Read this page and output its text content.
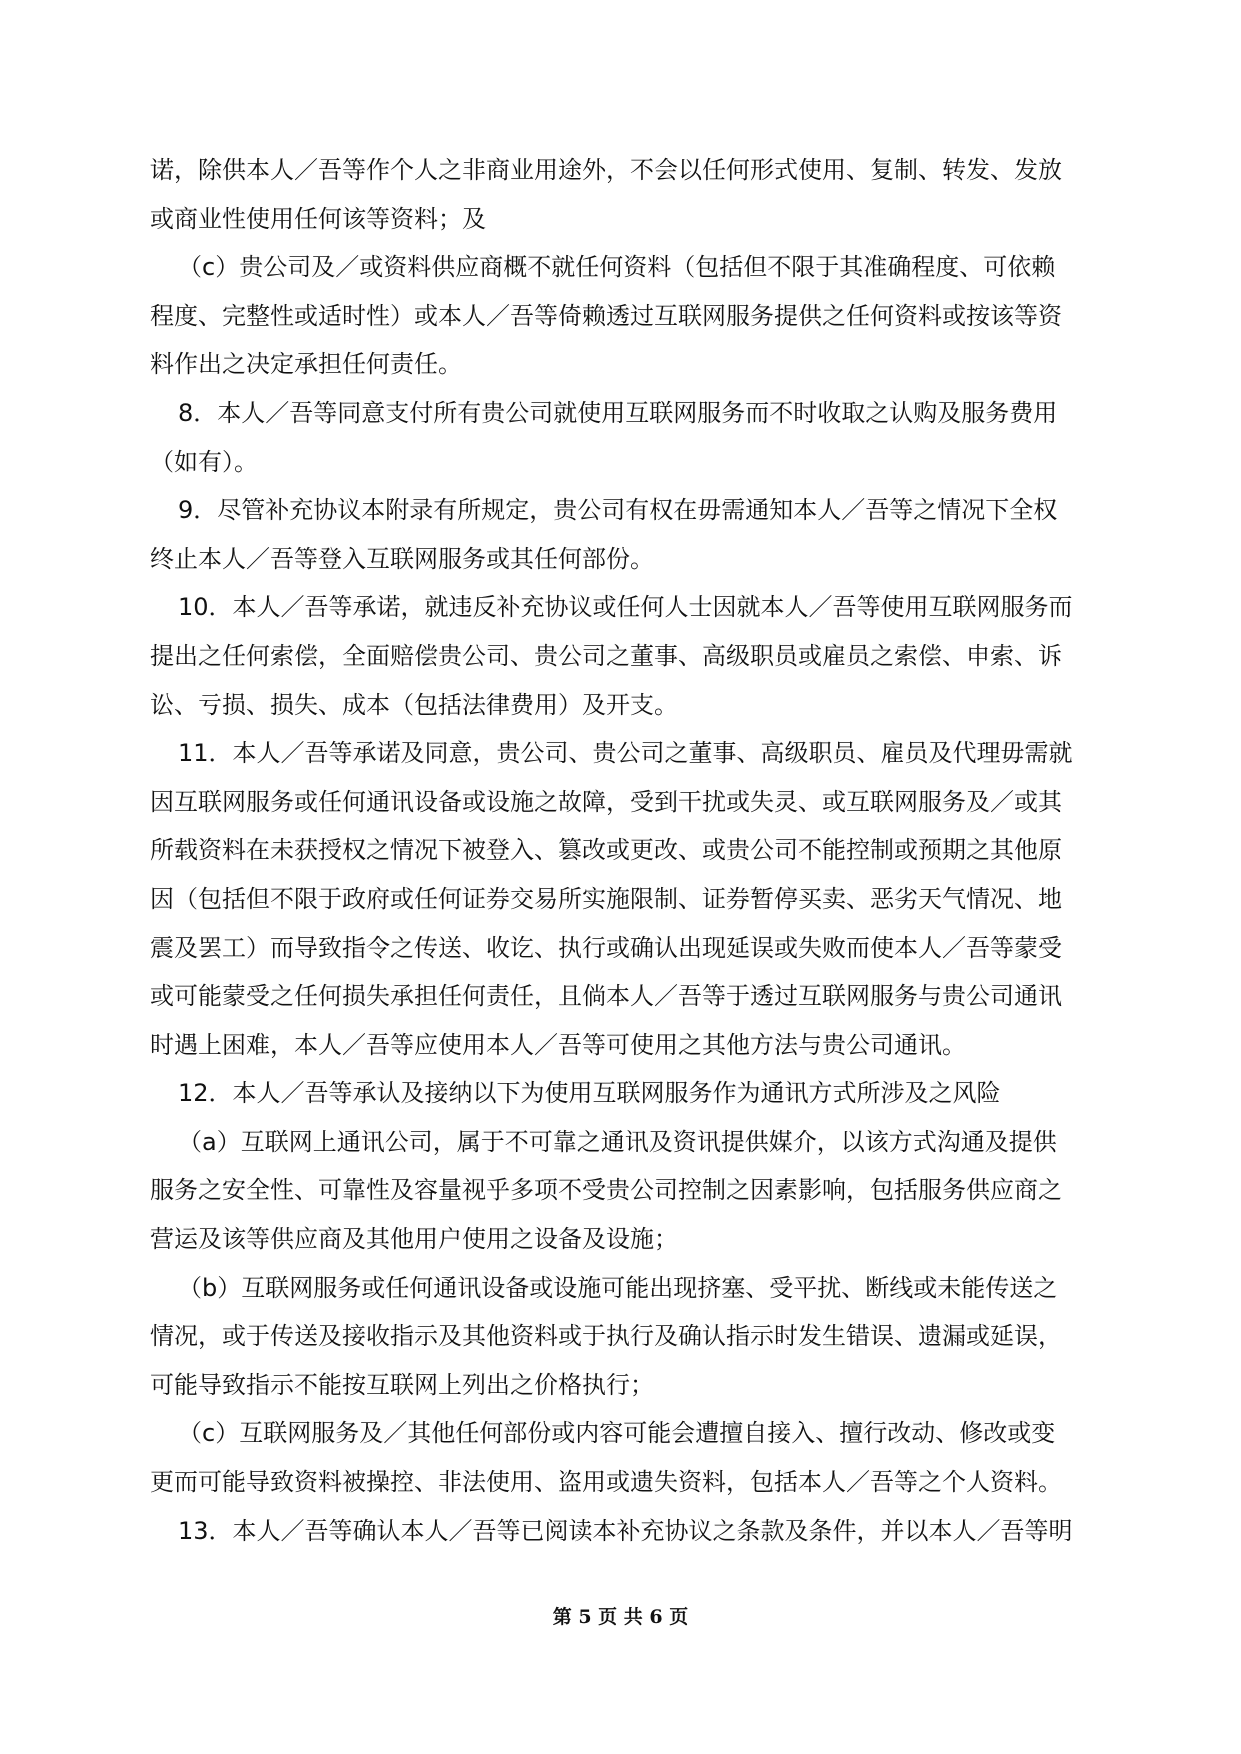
诺，除供本人／吾等作个人之非商业用途外，不会以任何形式使用、复制、转发、发放
或商业性使用任何该等资料；及
（c）贵公司及／或资料供应商概不就任何资料（包括但不限于其准确程度、可依赖
程度、完整性或适时性）或本人／吾等倚赖透过互联网服务提供之任何资料或按该等资
料作出之决定承担任何责任。
8．本人／吾等同意支付所有贵公司就使用互联网服务而不时收取之认购及服务费用
（如有）。
9．尽管补充协议本附录有所规定，贵公司有权在毋需通知本人／吾等之情况下全权
终止本人／吾等登入互联网服务或其任何部份。
10．本人／吾等承诺，就违反补充协议或任何人士因就本人／吾等使用互联网服务而
提出之任何索偿，全面赔偿贵公司、贵公司之董事、高级职员或雇员之索偿、申索、诉
讼、亏损、损失、成本（包括法律费用）及开支。
11．本人／吾等承诺及同意，贵公司、贵公司之董事、高级职员、雇员及代理毋需就
因互联网服务或任何通讯设备或设施之故障，受到干扰或失灵、或互联网服务及／或其
所载资料在未获授权之情况下被登入、篡改或更改、或贵公司不能控制或预期之其他原
因（包括但不限于政府或任何证券交易所实施限制、证券暂停买卖、恶劣天气情况、地
震及罢工）而导致指令之传送、收讫、执行或确认出现延误或失败而使本人／吾等蒙受
或可能蒙受之任何损失承担任何责任，且倘本人／吾等于透过互联网服务与贵公司通讯
时遇上困难，本人／吾等应使用本人／吾等可使用之其他方法与贵公司通讯。
12．本人／吾等承认及接纳以下为使用互联网服务作为通讯方式所涉及之风险
（a）互联网上通讯公司，属于不可靠之通讯及资讯提供媒介，以该方式沟通及提供
服务之安全性、可靠性及容量视乎多项不受贵公司控制之因素影响，包括服务供应商之
营运及该等供应商及其他用户使用之设备及设施；
（b）互联网服务或任何通讯设备或设施可能出现挤塞、受平扰、断线或未能传送之
情况，或于传送及接收指示及其他资料或于执行及确认指示时发生错误、遗漏或延误，
可能导致指示不能按互联网上列出之价格执行；
（c）互联网服务及／其他任何部份或内容可能会遭擅自接入、擅行改动、修改或变
更而可能导致资料被操控、非法使用、盗用或遗失资料，包括本人／吾等之个人资料。
13．本人／吾等确认本人／吾等已阅读本补充协议之条款及条件，并以本人／吾等明
第 5 页 共 6 页
